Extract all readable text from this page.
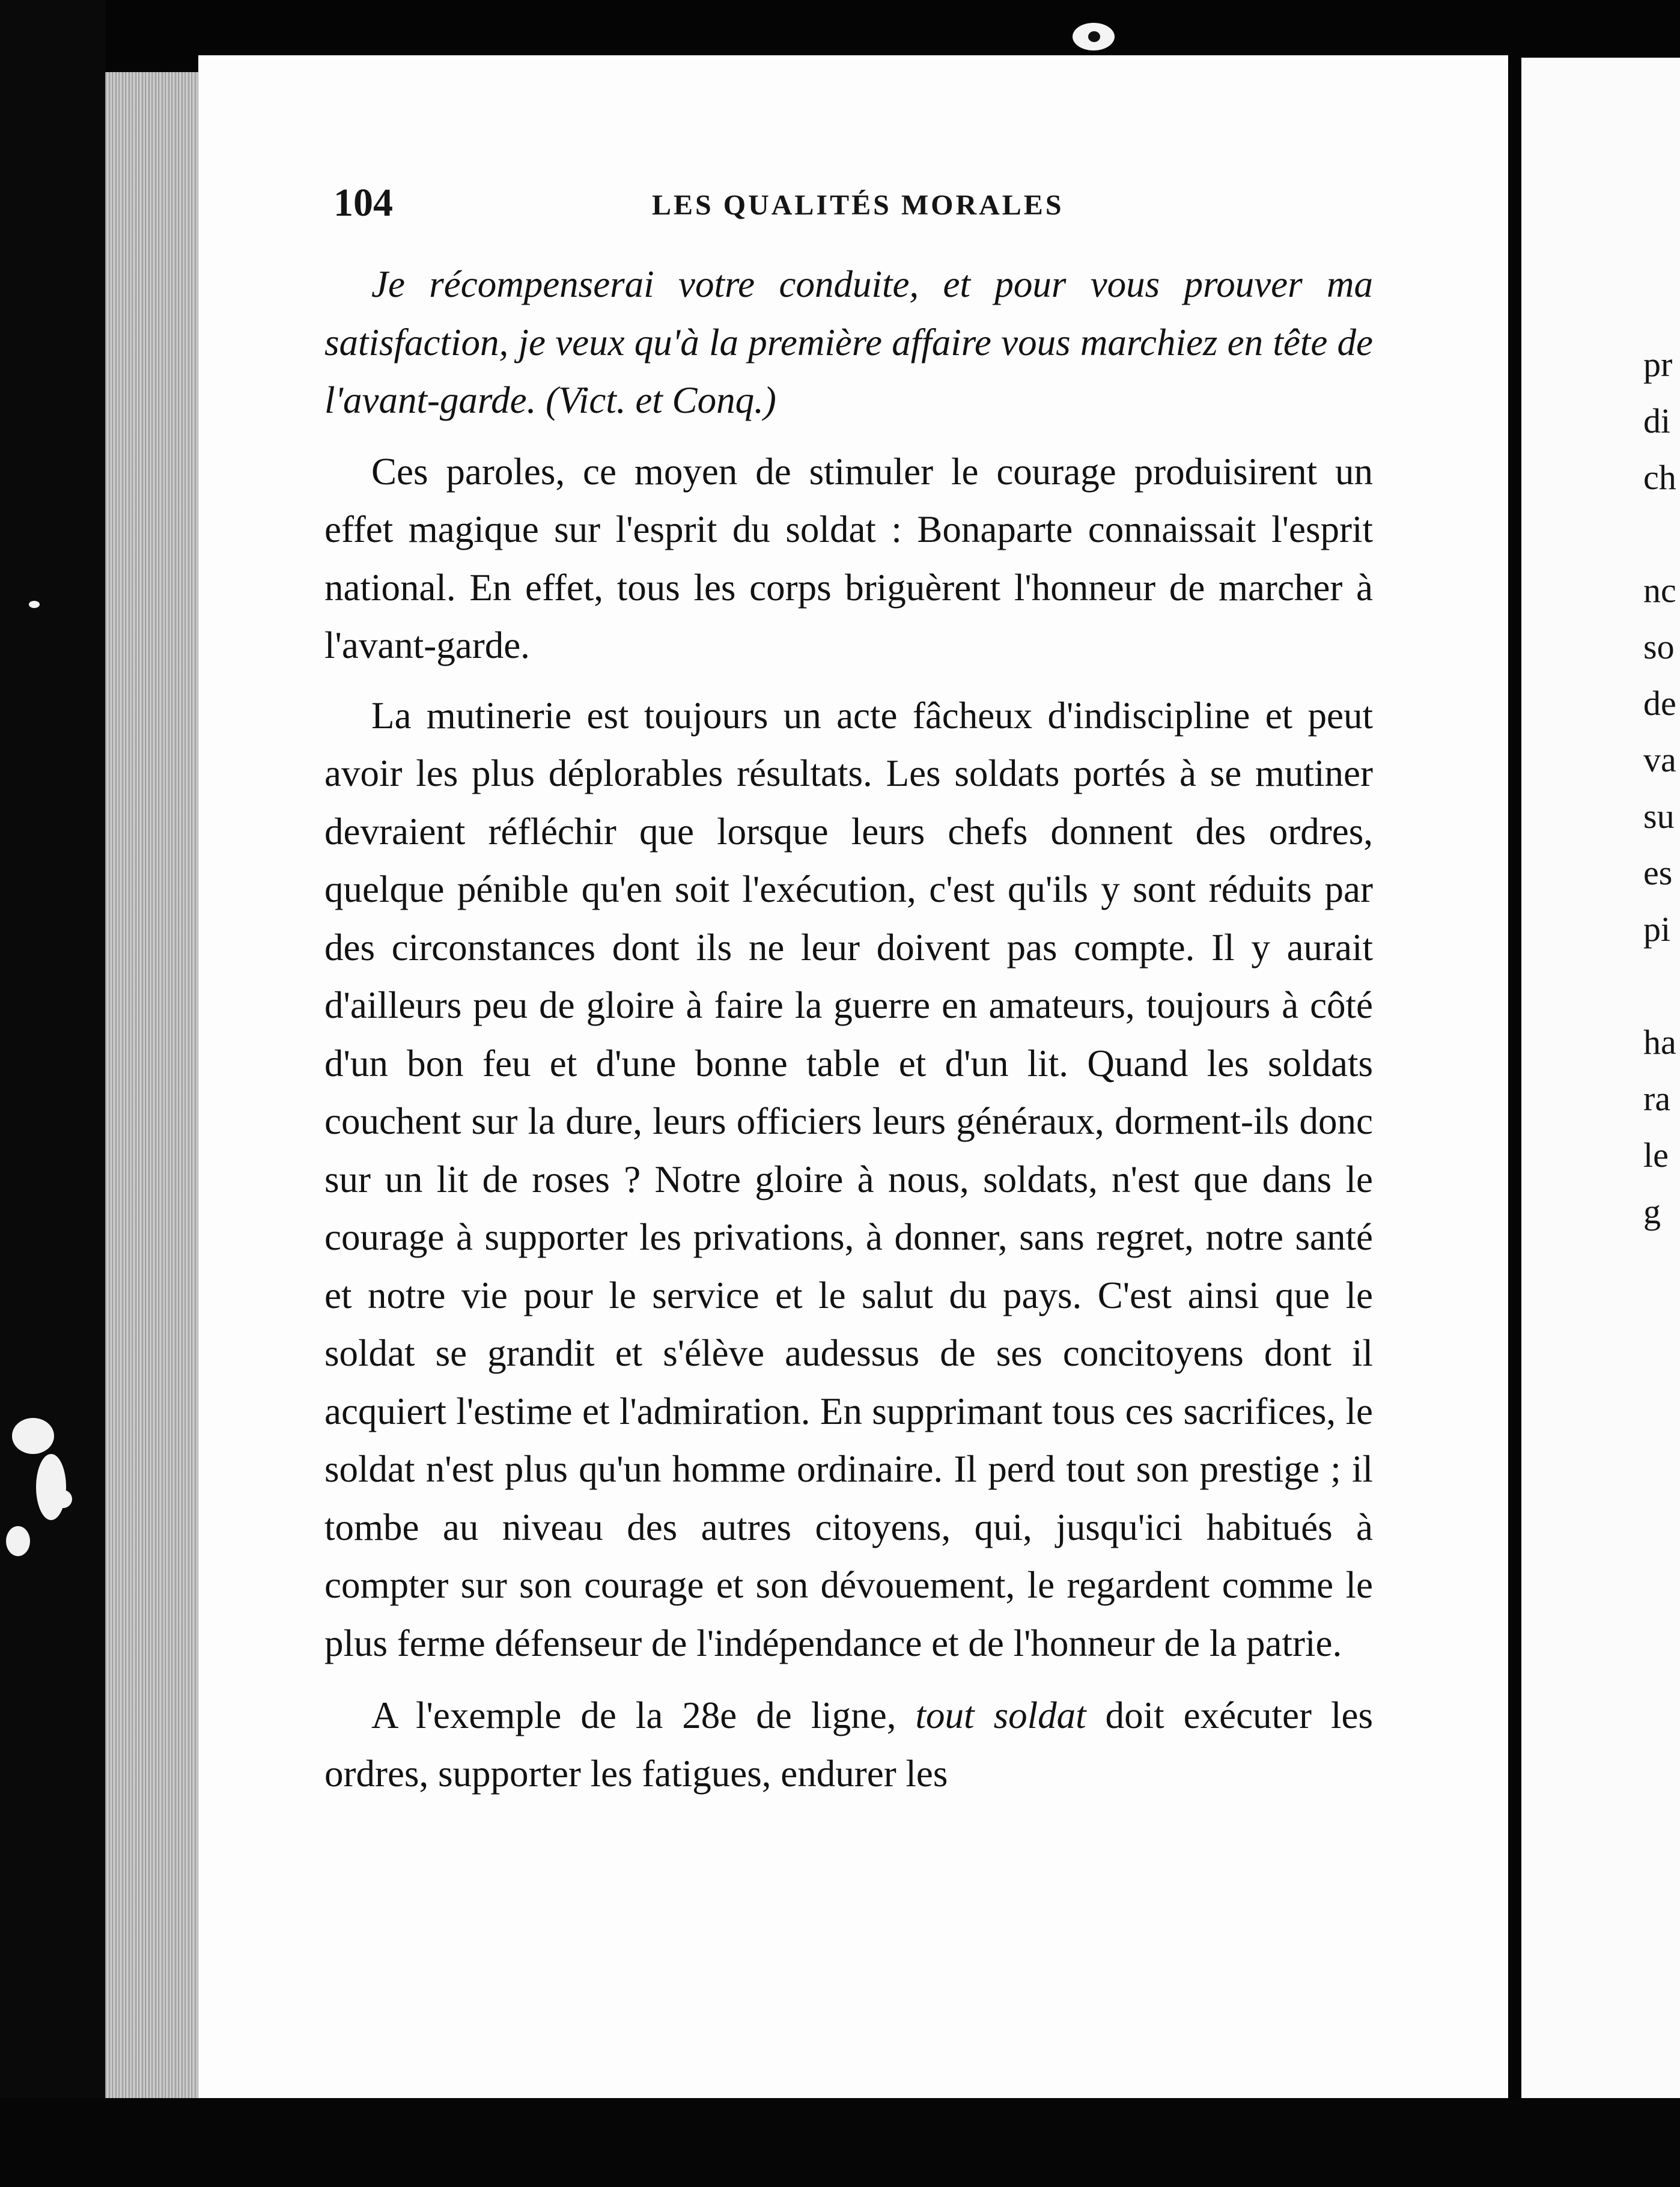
pr
di
ch

nc
so
de
va
su
es
pi

ha
ra
le
g
104	LES QUALITÉS MORALES

Je récompenserai votre conduite, et pour vous prouver ma satisfaction, je veux qu'à la première affaire vous marchiez en tête de l'avant-garde. (Vict. et Conq.)

Ces paroles, ce moyen de stimuler le courage produisirent un effet magique sur l'esprit du soldat : Bonaparte connaissait l'esprit national. En effet, tous les corps briguèrent l'honneur de marcher à l'avant-garde.

La mutinerie est toujours un acte fâcheux d'indiscipline et peut avoir les plus déplorables résultats. Les soldats portés à se mutiner devraient réfléchir que lorsque leurs chefs donnent des ordres, quelque pénible qu'en soit l'exécution, c'est qu'ils y sont réduits par des circonstances dont ils ne leur doivent pas compte. Il y aurait d'ailleurs peu de gloire à faire la guerre en amateurs, toujours à côté d'un bon feu et d'une bonne table et d'un lit. Quand les soldats couchent sur la dure, leurs officiers leurs généraux, dorment-ils donc sur un lit de roses ? Notre gloire à nous, soldats, n'est que dans le courage à supporter les privations, à donner, sans regret, notre santé et notre vie pour le service et le salut du pays. C'est ainsi que le soldat se grandit et s'élève audessus de ses concitoyens dont il acquiert l'estime et l'admiration. En supprimant tous ces sacrifices, le soldat n'est plus qu'un homme ordinaire. Il perd tout son prestige ; il tombe au niveau des autres citoyens, qui, jusqu'ici habitués à compter sur son courage et son dévouement, le regardent comme le plus ferme défenseur de l'indépendance et de l'honneur de la patrie.

A l'exemple de la 28e de ligne, tout soldat doit exécuter les ordres, supporter les fatigues, endurer les
